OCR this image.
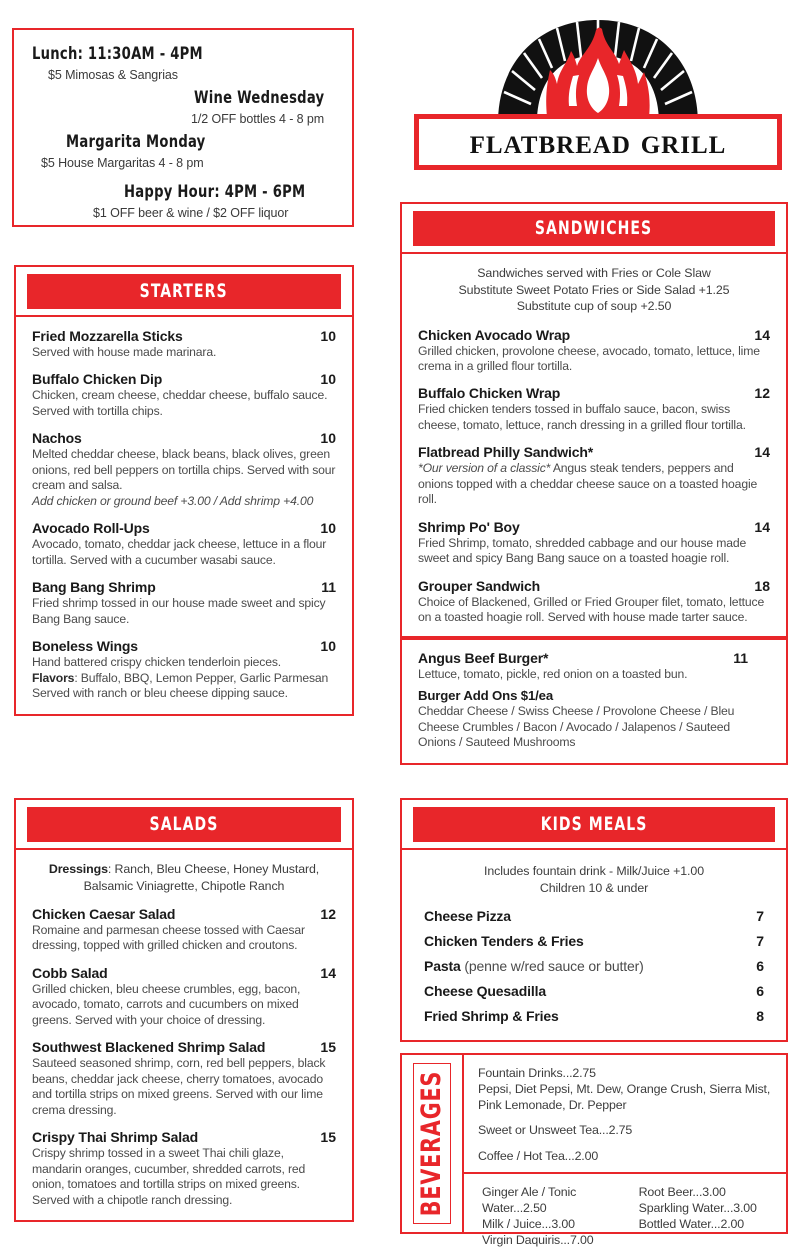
Lunch: 11:30AM - 4PM
$5 Mimosas & Sangrias
Wine Wednesday
1/2 OFF bottles 4 - 8 pm
Margarita Monday
$5 House Margaritas 4 - 8 pm
Happy Hour: 4PM - 6PM
$1 OFF beer & wine / $2 OFF liquor
flatbread grill
STARTERS
Fried Mozzarella Sticks	10
Served with house made marinara.
Buffalo Chicken Dip	10
Chicken, cream cheese, cheddar cheese, buffalo sauce. Served with tortilla chips.
Nachos	10
Melted cheddar cheese, black beans, black olives, green onions, red bell peppers on tortilla chips. Served with sour cream and salsa.
Add chicken or ground beef +3.00 / Add shrimp +4.00
Avocado Roll-Ups	10
Avocado, tomato, cheddar jack cheese, lettuce in a flour tortilla. Served with a cucumber wasabi sauce.
Bang Bang Shrimp	11
Fried shrimp tossed in our house made sweet and spicy Bang Bang sauce.
Boneless Wings	10
Hand battered crispy chicken tenderloin pieces.
Flavors: Buffalo, BBQ, Lemon Pepper, Garlic Parmesan
Served with ranch or bleu cheese dipping sauce.
SANDWICHES
Sandwiches served with Fries or Cole Slaw
Substitute Sweet Potato Fries or Side Salad +1.25
Substitute cup of soup +2.50
Chicken Avocado Wrap	14
Grilled chicken, provolone cheese, avocado, tomato, lettuce, lime crema in a grilled flour tortilla.
Buffalo Chicken Wrap	12
Fried chicken tenders tossed in buffalo sauce, bacon, swiss cheese, tomato, lettuce, ranch dressing in a grilled flour tortilla.
Flatbread Philly Sandwich*	14
*Our version of a classic* Angus steak tenders, peppers and onions topped with a cheddar cheese sauce on a toasted hoagie roll.
Shrimp Po' Boy	14
Fried Shrimp, tomato, shredded cabbage and our house made sweet and spicy Bang Bang sauce on a toasted hoagie roll.
Grouper Sandwich	18
Choice of Blackened, Grilled or Fried Grouper filet, tomato, lettuce on a toasted hoagie roll. Served with house made tarter sauce.
Angus Beef Burger*	11
Lettuce, tomato, pickle, red onion on a toasted bun.
Burger Add Ons $1/ea
Cheddar Cheese / Swiss Cheese / Provolone Cheese / Bleu Cheese Crumbles / Bacon / Avocado / Jalapenos / Sauteed Onions / Sauteed Mushrooms
SALADS
Dressings: Ranch, Bleu Cheese, Honey Mustard, Balsamic Viniagrette, Chipotle Ranch
Chicken Caesar Salad	12
Romaine and parmesan cheese tossed with Caesar dressing, topped with grilled chicken and croutons.
Cobb Salad	14
Grilled chicken, bleu cheese crumbles, egg, bacon, avocado, tomato, carrots and cucumbers on mixed greens. Served with your choice of dressing.
Southwest Blackened Shrimp Salad	15
Sauteed seasoned shrimp, corn, red bell peppers, black beans, cheddar jack cheese, cherry tomatoes, avocado and tortilla strips on mixed greens. Served with our lime crema dressing.
Crispy Thai Shrimp Salad	15
Crispy shrimp tossed in a sweet Thai chili glaze, mandarin oranges, cucumber, shredded carrots, red onion, tomatoes and tortilla strips on mixed greens. Served with a chipotle ranch dressing.
KIDS MEALS
Includes fountain drink - Milk/Juice +1.00
Children 10 & under
Cheese Pizza	7
Chicken Tenders & Fries	7
Pasta (penne w/red sauce or butter)	6
Cheese Quesadilla	6
Fried Shrimp & Fries	8
BEVERAGES Fountain Drinks...2.75
Pepsi, Diet Pepsi, Mt. Dew, Orange Crush, Sierra Mist, Pink Lemonade, Dr. Pepper
Sweet or Unsweet Tea...2.75
Coffee / Hot Tea...2.00
Ginger Ale / Tonic Water...2.50
Milk / Juice...3.00
Virgin Daquiris...7.00
Root Beer...3.00
Sparkling Water...3.00
Bottled Water...2.00
